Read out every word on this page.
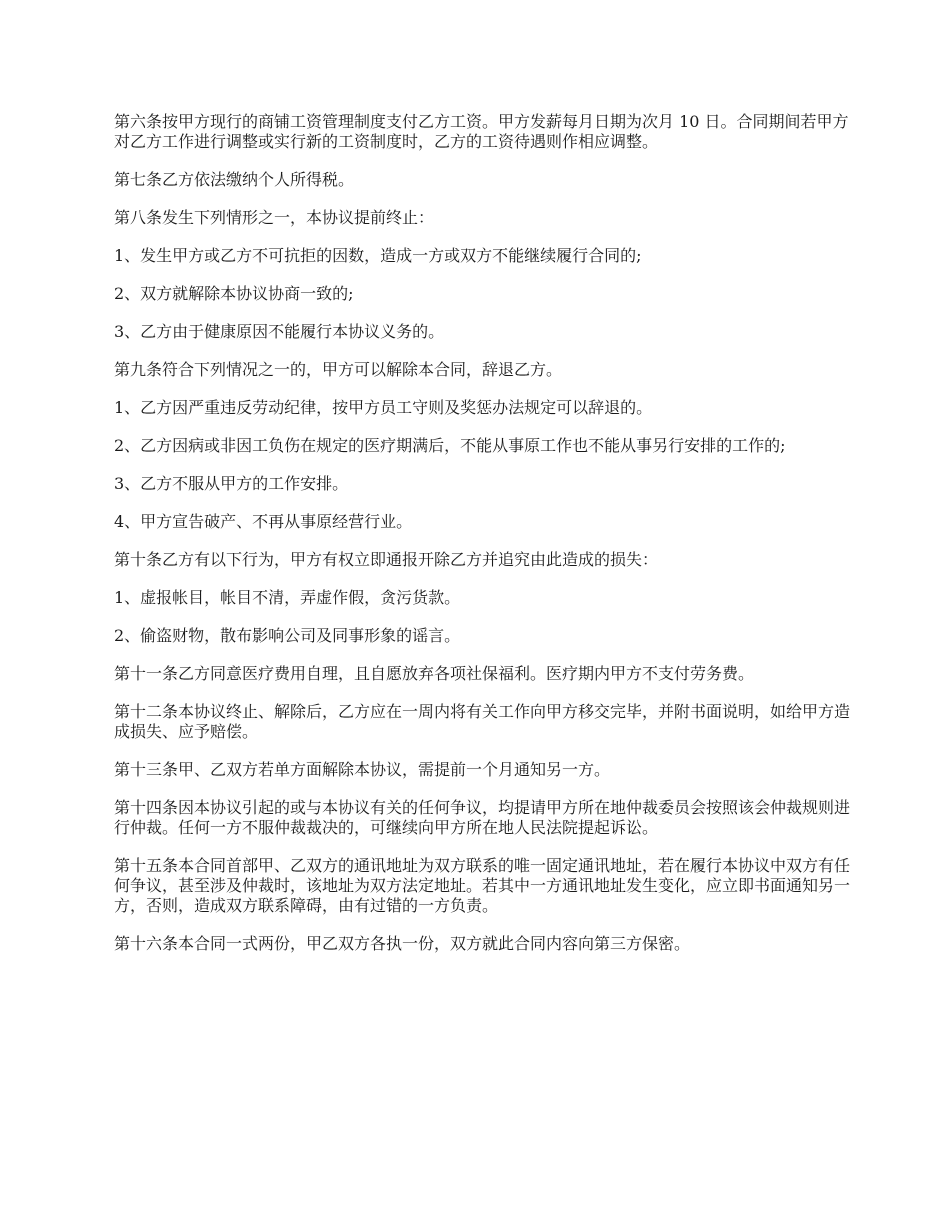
第六条按甲方现行的商铺工资管理制度支付乙方工资。甲方发薪每月日期为次月 10 日。合同期间若甲方对乙方工作进行调整或实行新的工资制度时，乙方的工资待遇则作相应调整。

第七条乙方依法缴纳个人所得税。

第八条发生下列情形之一，本协议提前终止：

1、发生甲方或乙方不可抗拒的因数，造成一方或双方不能继续履行合同的;

2、双方就解除本协议协商一致的;

3、乙方由于健康原因不能履行本协议义务的。

第九条符合下列情况之一的，甲方可以解除本合同，辞退乙方。

1、乙方因严重违反劳动纪律，按甲方员工守则及奖惩办法规定可以辞退的。

2、乙方因病或非因工负伤在规定的医疗期满后，不能从事原工作也不能从事另行安排的工作的;

3、乙方不服从甲方的工作安排。

4、甲方宣告破产、不再从事原经营行业。

第十条乙方有以下行为，甲方有权立即通报开除乙方并追究由此造成的损失：

1、虚报帐目，帐目不清，弄虚作假，贪污货款。

2、偷盗财物，散布影响公司及同事形象的谣言。

第十一条乙方同意医疗费用自理，且自愿放弃各项社保福利。医疗期内甲方不支付劳务费。

第十二条本协议终止、解除后，乙方应在一周内将有关工作向甲方移交完毕，并附书面说明，如给甲方造成损失、应予赔偿。

第十三条甲、乙双方若单方面解除本协议，需提前一个月通知另一方。

第十四条因本协议引起的或与本协议有关的任何争议，均提请甲方所在地仲裁委员会按照该会仲裁规则进行仲裁。任何一方不服仲裁裁决的，可继续向甲方所在地人民法院提起诉讼。

第十五条本合同首部甲、乙双方的通讯地址为双方联系的唯一固定通讯地址，若在履行本协议中双方有任何争议，甚至涉及仲裁时，该地址为双方法定地址。若其中一方通讯地址发生变化，应立即书面通知另一方，否则，造成双方联系障碍，由有过错的一方负责。

第十六条本合同一式两份，甲乙双方各执一份，双方就此合同内容向第三方保密。
